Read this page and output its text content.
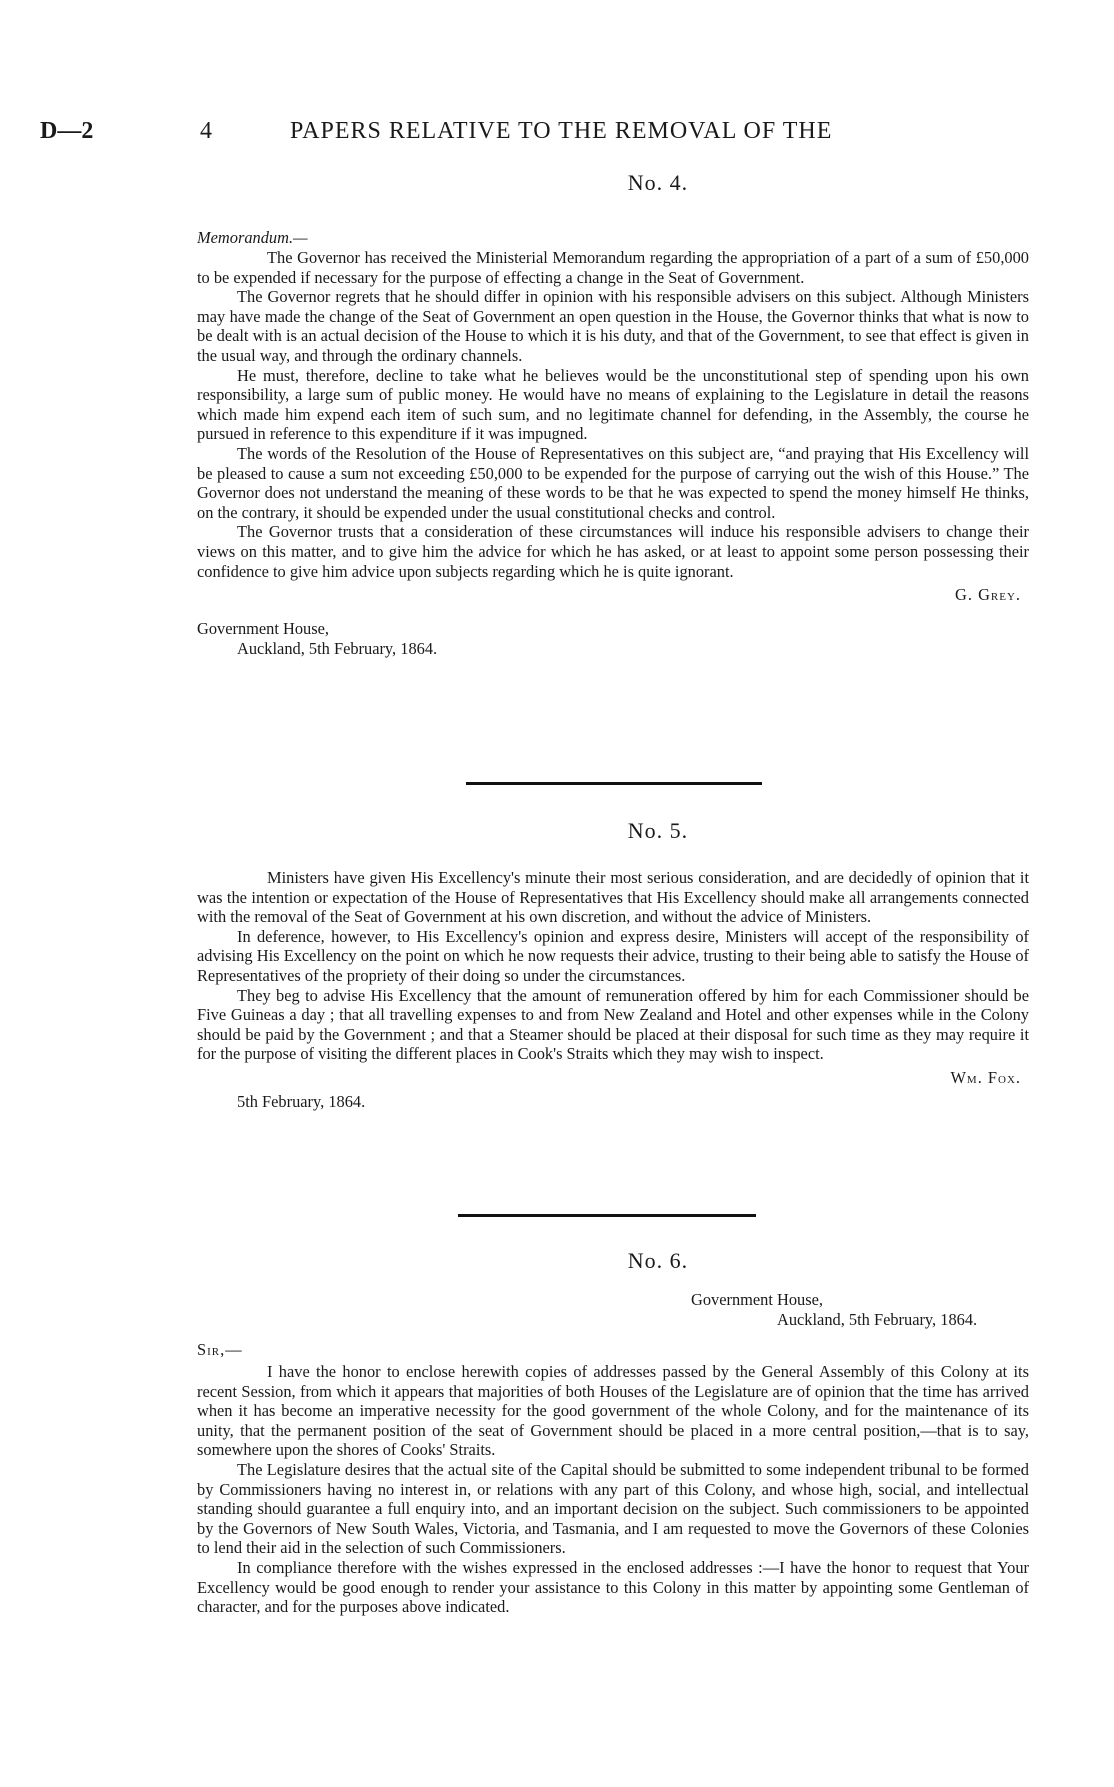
D—2	4	PAPERS RELATIVE TO THE REMOVAL OF THE

No. 4.

Memorandum.—

The Governor has received the Ministerial Memorandum regarding the appropriation of a part of a sum of £50,000 to be expended if necessary for the purpose of effecting a change in the Seat of Government.

The Governor regrets that he should differ in opinion with his responsible advisers on this subject. Although Ministers may have made the change of the Seat of Government an open question in the House, the Governor thinks that what is now to be dealt with is an actual decision of the House to which it is his duty, and that of the Government, to see that effect is given in the usual way, and through the ordinary channels.

He must, therefore, decline to take what he believes would be the unconstitutional step of spending upon his own responsibility, a large sum of public money. He would have no means of explaining to the Legislature in detail the reasons which made him expend each item of such sum, and no legitimate channel for defending, in the Assembly, the course he pursued in reference to this expenditure if it was impugned.

The words of the Resolution of the House of Representatives on this subject are, “and praying that His Excellency will be pleased to cause a sum not exceeding £50,000 to be expended for the purpose of carrying out the wish of this House.” The Governor does not understand the meaning of these words to be that he was expected to spend the money himself He thinks, on the contrary, it should be expended under the usual constitutional checks and control.

The Governor trusts that a consideration of these circumstances will induce his responsible advisers to change their views on this matter, and to give him the advice for which he has asked, or at least to appoint some person possessing their confidence to give him advice upon subjects regarding which he is quite ignorant.

G. Grey.

Government House,

Auckland, 5th February, 1864.

No. 5.

Ministers have given His Excellency's minute their most serious consideration, and are decidedly of opinion that it was the intention or expectation of the House of Representatives that His Excellency should make all arrangements connected with the removal of the Seat of Government at his own discretion, and without the advice of Ministers.

In deference, however, to His Excellency's opinion and express desire, Ministers will accept of the responsibility of advising His Excellency on the point on which he now requests their advice, trusting to their being able to satisfy the House of Representatives of the propriety of their doing so under the circumstances.

They beg to advise His Excellency that the amount of remuneration offered by him for each Commissioner should be Five Guineas a day ; that all travelling expenses to and from New Zealand and Hotel and other expenses while in the Colony should be paid by the Government ; and that a Steamer should be placed at their disposal for such time as they may require it for the purpose of visiting the different places in Cook's Straits which they may wish to inspect.

Wm. Fox.

5th February, 1864.

No. 6.

Government House,

Auckland, 5th February, 1864.

Sir,—

I have the honor to enclose herewith copies of addresses passed by the General Assembly of this Colony at its recent Session, from which it appears that majorities of both Houses of the Legislature are of opinion that the time has arrived when it has become an imperative necessity for the good government of the whole Colony, and for the maintenance of its unity, that the permanent position of the seat of Government should be placed in a more central position,—that is to say, somewhere upon the shores of Cooks' Straits.

The Legislature desires that the actual site of the Capital should be submitted to some independent tribunal to be formed by Commissioners having no interest in, or relations with any part of this Colony, and whose high, social, and intellectual standing should guarantee a full enquiry into, and an important decision on the subject. Such commissioners to be appointed by the Governors of New South Wales, Victoria, and Tasmania, and I am requested to move the Governors of these Colonies to lend their aid in the selection of such Commissioners.

In compliance therefore with the wishes expressed in the enclosed addresses :—I have the honor to request that Your Excellency would be good enough to render your assistance to this Colony in this matter by appointing some Gentleman of character, and for the purposes above indicated.
